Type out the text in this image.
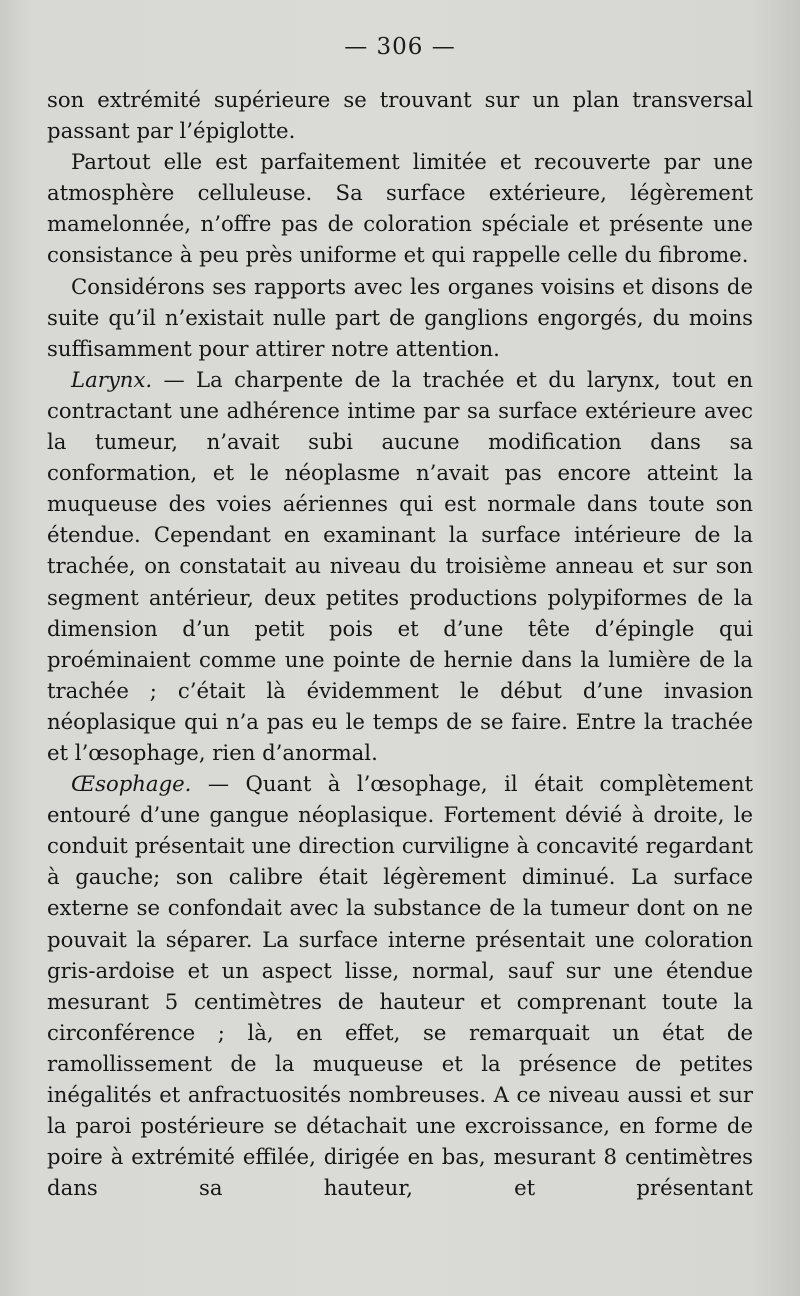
— 306 —

son extrémité supérieure se trouvant sur un plan transversal passant par l’épiglotte.

Partout elle est parfaitement limitée et recouverte par une atmosphère celluleuse. Sa surface extérieure, légèrement mamelonnée, n’offre pas de coloration spéciale et présente une consistance à peu près uniforme et qui rappelle celle du fibrome.

Considérons ses rapports avec les organes voisins et disons de suite qu’il n’existait nulle part de ganglions engorgés, du moins suffisamment pour attirer notre attention.

Larynx. — La charpente de la trachée et du larynx, tout en contractant une adhérence intime par sa surface extérieure avec la tumeur, n’avait subi aucune modification dans sa conformation, et le néoplasme n’avait pas encore atteint la muqueuse des voies aériennes qui est normale dans toute son étendue. Cependant en examinant la surface intérieure de la trachée, on constatait au niveau du troisième anneau et sur son segment antérieur, deux petites productions polypiformes de la dimension d’un petit pois et d’une tête d’épingle qui proéminaient comme une pointe de hernie dans la lumière de la trachée ; c’était là évidemment le début d’une invasion néoplasique qui n’a pas eu le temps de se faire. Entre la trachée et l’œsophage, rien d’anormal.

Œsophage. — Quant à l’œsophage, il était complètement entouré d’une gangue néoplasique. Fortement dévié à droite, le conduit présentait une direction curviligne à concavité regardant à gauche; son calibre était légèrement diminué. La surface externe se confondait avec la substance de la tumeur dont on ne pouvait la séparer. La surface interne présentait une coloration gris-ardoise et un aspect lisse, normal, sauf sur une étendue mesurant 5 centimètres de hauteur et comprenant toute la circonférence ; là, en effet, se remarquait un état de ramollissement de la muqueuse et la présence de petites inégalités et anfractuosités nombreuses. A ce niveau aussi et sur la paroi postérieure se détachait une excroissance, en forme de poire à extrémité effilée, dirigée en bas, mesurant 8 centimètres dans sa hauteur, et présentant
